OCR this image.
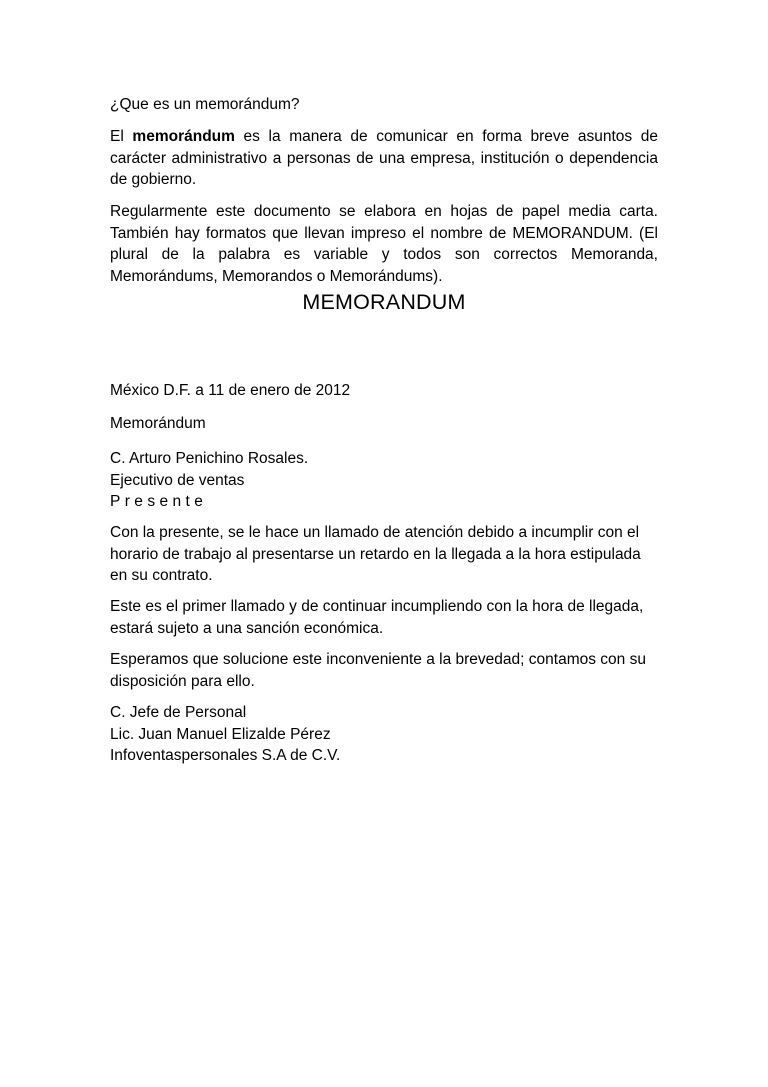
¿Que es un memorándum?
El memorándum es la manera de comunicar en forma breve asuntos de
carácter administrativo a personas de una empresa, institución o dependencia
de gobierno.
Regularmente este documento se elabora en hojas de papel media carta.
También hay formatos que llevan impreso el nombre de MEMORANDUM. (El
plural de la palabra es variable y todos son correctos Memoranda,
Memorándums, Memorandos o Memorándums).
MEMORANDUM
México D.F. a 11 de enero de 2012
Memorándum
C. Arturo Penichino Rosales.
Ejecutivo de ventas
Presente
Con la presente, se le hace un llamado de atención debido a incumplir con el
horario de trabajo al presentarse un retardo en la llegada a la hora estipulada
en su contrato.
Este es el primer llamado y de continuar incumpliendo con la hora de llegada,
estará sujeto a una sanción económica.
Esperamos que solucione este inconveniente a la brevedad; contamos con su
disposición para ello.
C. Jefe de Personal
Lic. Juan Manuel Elizalde Pérez
Infoventaspersonales S.A de C.V.
